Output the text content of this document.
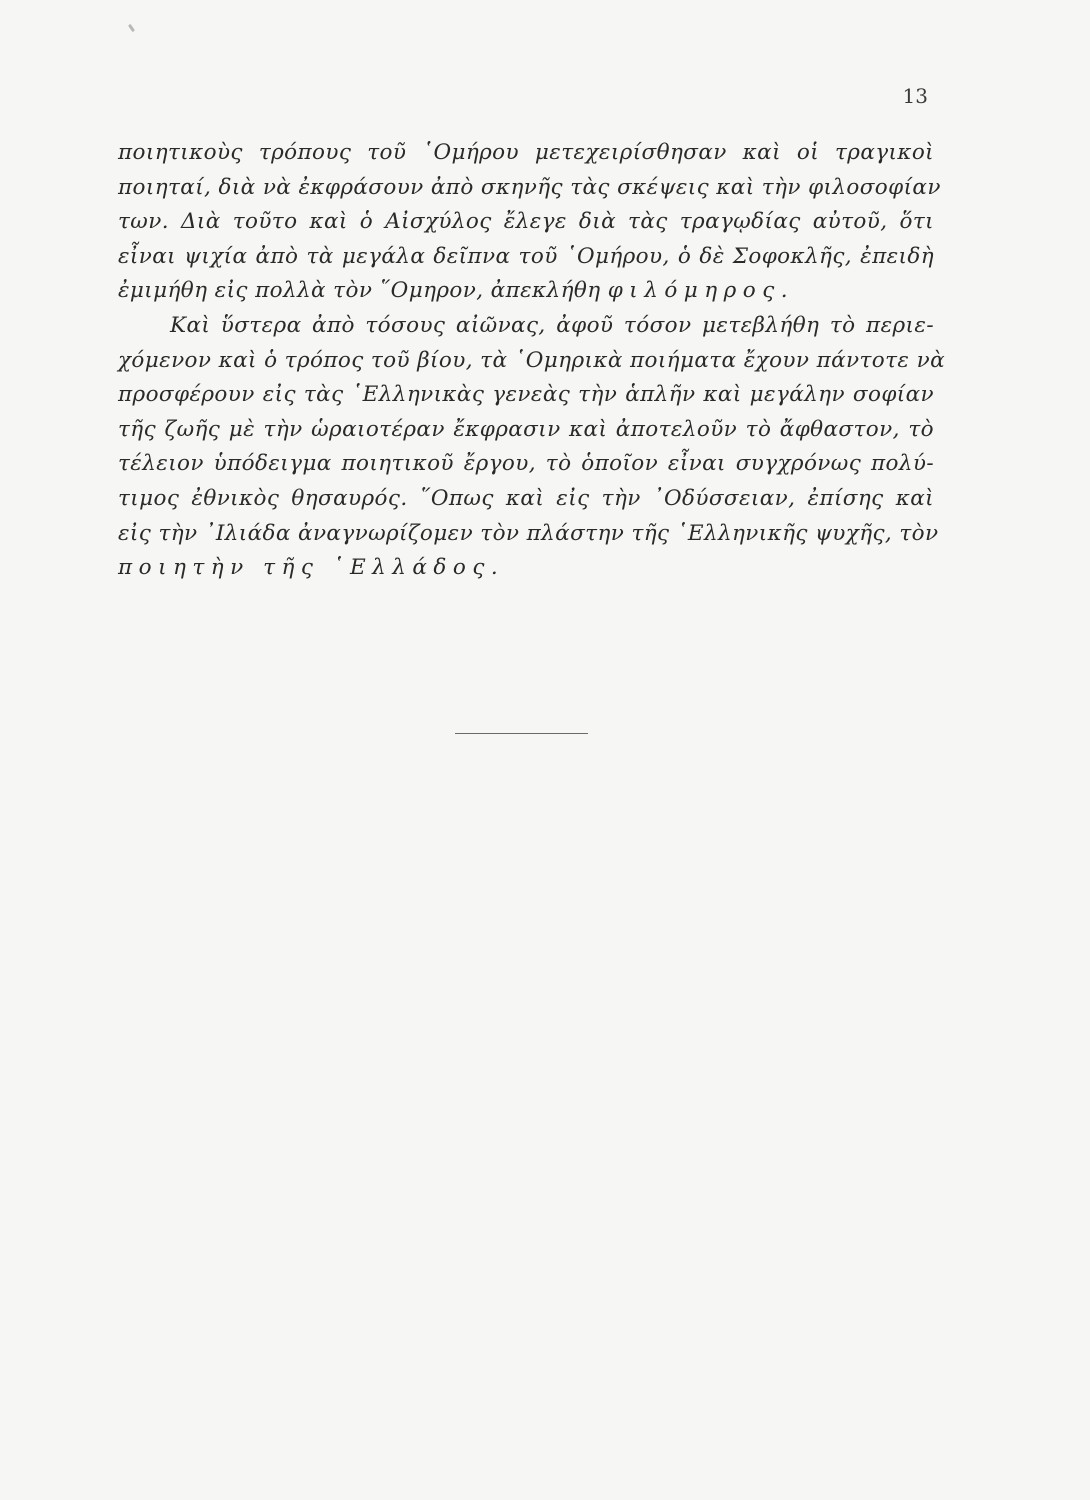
13
ποιητικοὺς τρόπους τοῦ ῾Ομήρου μετεχειρίσθησαν καὶ οἱ τραγικοὶ
ποιηταί, διὰ νὰ ἐκφράσουν ἀπὸ σκηνῆς τὰς σκέψεις καὶ τὴν φιλοσοφίαν
των. Διὰ τοῦτο καὶ ὁ Αἰσχύλος ἔλεγε διὰ τὰς τραγῳδίας αὐτοῦ, ὅτι
εἶναι ψιχία ἀπὸ τὰ μεγάλα δεῖπνα τοῦ ῾Ομήρου, ὁ δὲ Σοφοκλῆς, ἐπειδὴ
ἐμιμήθη εἰς πολλὰ τὸν ῞Ομηρον, ἀπεκλήθη φιλόμηρος.
Καὶ ὕστερα ἀπὸ τόσους αἰῶνας, ἀφοῦ τόσον μετεβλήθη τὸ περιε-
χόμενον καὶ ὁ τρόπος τοῦ βίου, τὰ ῾Ομηρικὰ ποιήματα ἔχουν πάντοτε νὰ
προσφέρουν εἰς τὰς ῾Ελληνικὰς γενεὰς τὴν ἁπλῆν καὶ μεγάλην σοφίαν
τῆς ζωῆς μὲ τὴν ὡραιοτέραν ἔκφρασιν καὶ ἀποτελοῦν τὸ ἄφθαστον, τὸ
τέλειον ὑπόδειγμα ποιητικοῦ ἔργου, τὸ ὁποῖον εἶναι συγχρόνως πολύ-
τιμος ἐθνικὸς θησαυρός. ῞Οπως καὶ εἰς τὴν ᾿Οδύσσειαν, ἐπίσης καὶ
εἰς τὴν ᾿Ιλιάδα ἀναγνωρίζομεν τὸν πλάστην τῆς ῾Ελληνικῆς ψυχῆς, τὸν
ποιητὴν τῆς ῾Ελλάδος.
